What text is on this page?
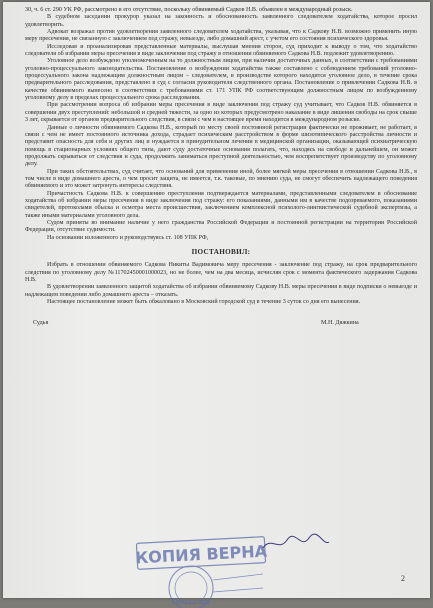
30, ч. 6 ст. 290 УК РФ, рассмотрено в его отсутствие, поскольку обвиняемый Садков Н.В. объявлен в международный розыск.

В судебном заседании прокурор указал на законность и обоснованность заявленного следователем ходатайства, которое просил удовлетворить.

Адвокат возражал против удовлетворения заявленного следователем ходатайства, указывая, что к Садкову Н.В. возможно применить иную меру пресечения, не связанную с заключением под стражу, невыезде, либо домашний арест, с учетом его состояния психического здоровья.

Исследовав и проанализировав представленные материалы, выслушав мнения сторон, суд приходит к выводу о том, что ходатайство следователя об избрании меры пресечения в виде заключения под стражу в отношении обвиняемого Садкова Н.В. подлежит удовлетворению.

Уголовное дело возбуждено уполномоченным на то должностным лицом, при наличии достаточных данных, в соответствии с требованиями уголовно-процессуального законодательства. Постановление о возбуждении ходатайства также составлено с соблюдением требований уголовно-процессуального закона надлежащим должностным лицом – следователем, в производстве которого находится уголовное дело, в течение срока предварительного расследования, представлено в суд с согласия руководителя следственного органа. Постановление о привлечении Садкова Н.В. в качестве обвиняемого вынесено в соответствии с требованиями ст. 171 УПК РФ соответствующим должностным лицом по возбужденному уголовному делу в пределах процессуального срока расследования.

При рассмотрении вопроса об избрании меры пресечения в виде заключения под стражу суд учитывает, что Садков Н.В. обвиняется в совершении двух преступлений: небольшой и средней тяжести, за одно из которых предусмотрено наказание в виде лишения свободы на срок свыше 3 лет, скрывается от органов предварительного следствия, в связи с чем в настоящее время находится в международном розыске.

Данные о личности обвиняемого Садкова Н.В., который по месту своей постоянной регистрации фактически не проживает, не работает, в связи с чем не имеет постоянного источника дохода, страдает психическим расстройством в форме шизотипического расстройства личности и представит опасность для себя и других лиц и нуждается в принудительном лечении в медицинской организации, оказывающей психиатрическую помощь в стационарных условиях общего типа, дают суду достаточные основания полагать, что, находясь на свободе и дальнейшем, он может продолжать скрываться от следствия и суда, продолжить заниматься преступной деятельностью, чем воспрепятствует производству по уголовному делу.

При таких обстоятельствах, суд считает, что оснований для применения иной, более мягкой меры пресечения в отношении Садкова Н.В., в том числе в виде домашнего ареста, о чем просит защита, не имеется, т.к. таковые, по мнению суда, не смогут обеспечить надлежащего поведения обвиняемого и это может затронуть интересы следствия.

Причастность Садкова Н.В. к совершению преступления подтверждается материалами, представленными следователем в обоснование ходатайства об избрании меры пресечения в виде заключения под стражу: его показаниями, данными им в качестве подозреваемого, показаниями свидетелей, протоколами обыска и осмотра места происшествия, заключением комплексной психолого-лингвистической судебной экспертизы, а также иными материалами уголовного дела.

Судом приняты во внимание наличие у него гражданства Российской Федерации и постоянной регистрации на территории Российской Федерации, отсутствие судимости.

На основании изложенного и руководствуясь ст. 108 УПК РФ,

ПОСТАНОВИЛ:

Избрать в отношении обвиняемого Садкова Никиты Вадимовича меру пресечения - заключение под стражу, на срок предварительного следствия по уголовному делу №11702450001000023, но не более, чем на два месяца, исчисляя срок с момента фактического задержания Садкова Н.В.

В удовлетворении заявленного защитой ходатайства об избрании обвиняемому Садкову Н.В. меры пресечения в виде подписки о невыезде и надлежащем поведении либо домашнего ареста – отказать.

Настоящее постановление может быть обжаловано в Московский городской суд в течение 3 суток со дня его вынесения.

Судья	М.Н. Дяжкина
КОПИЯ ВЕРНА
Секретарь
2
